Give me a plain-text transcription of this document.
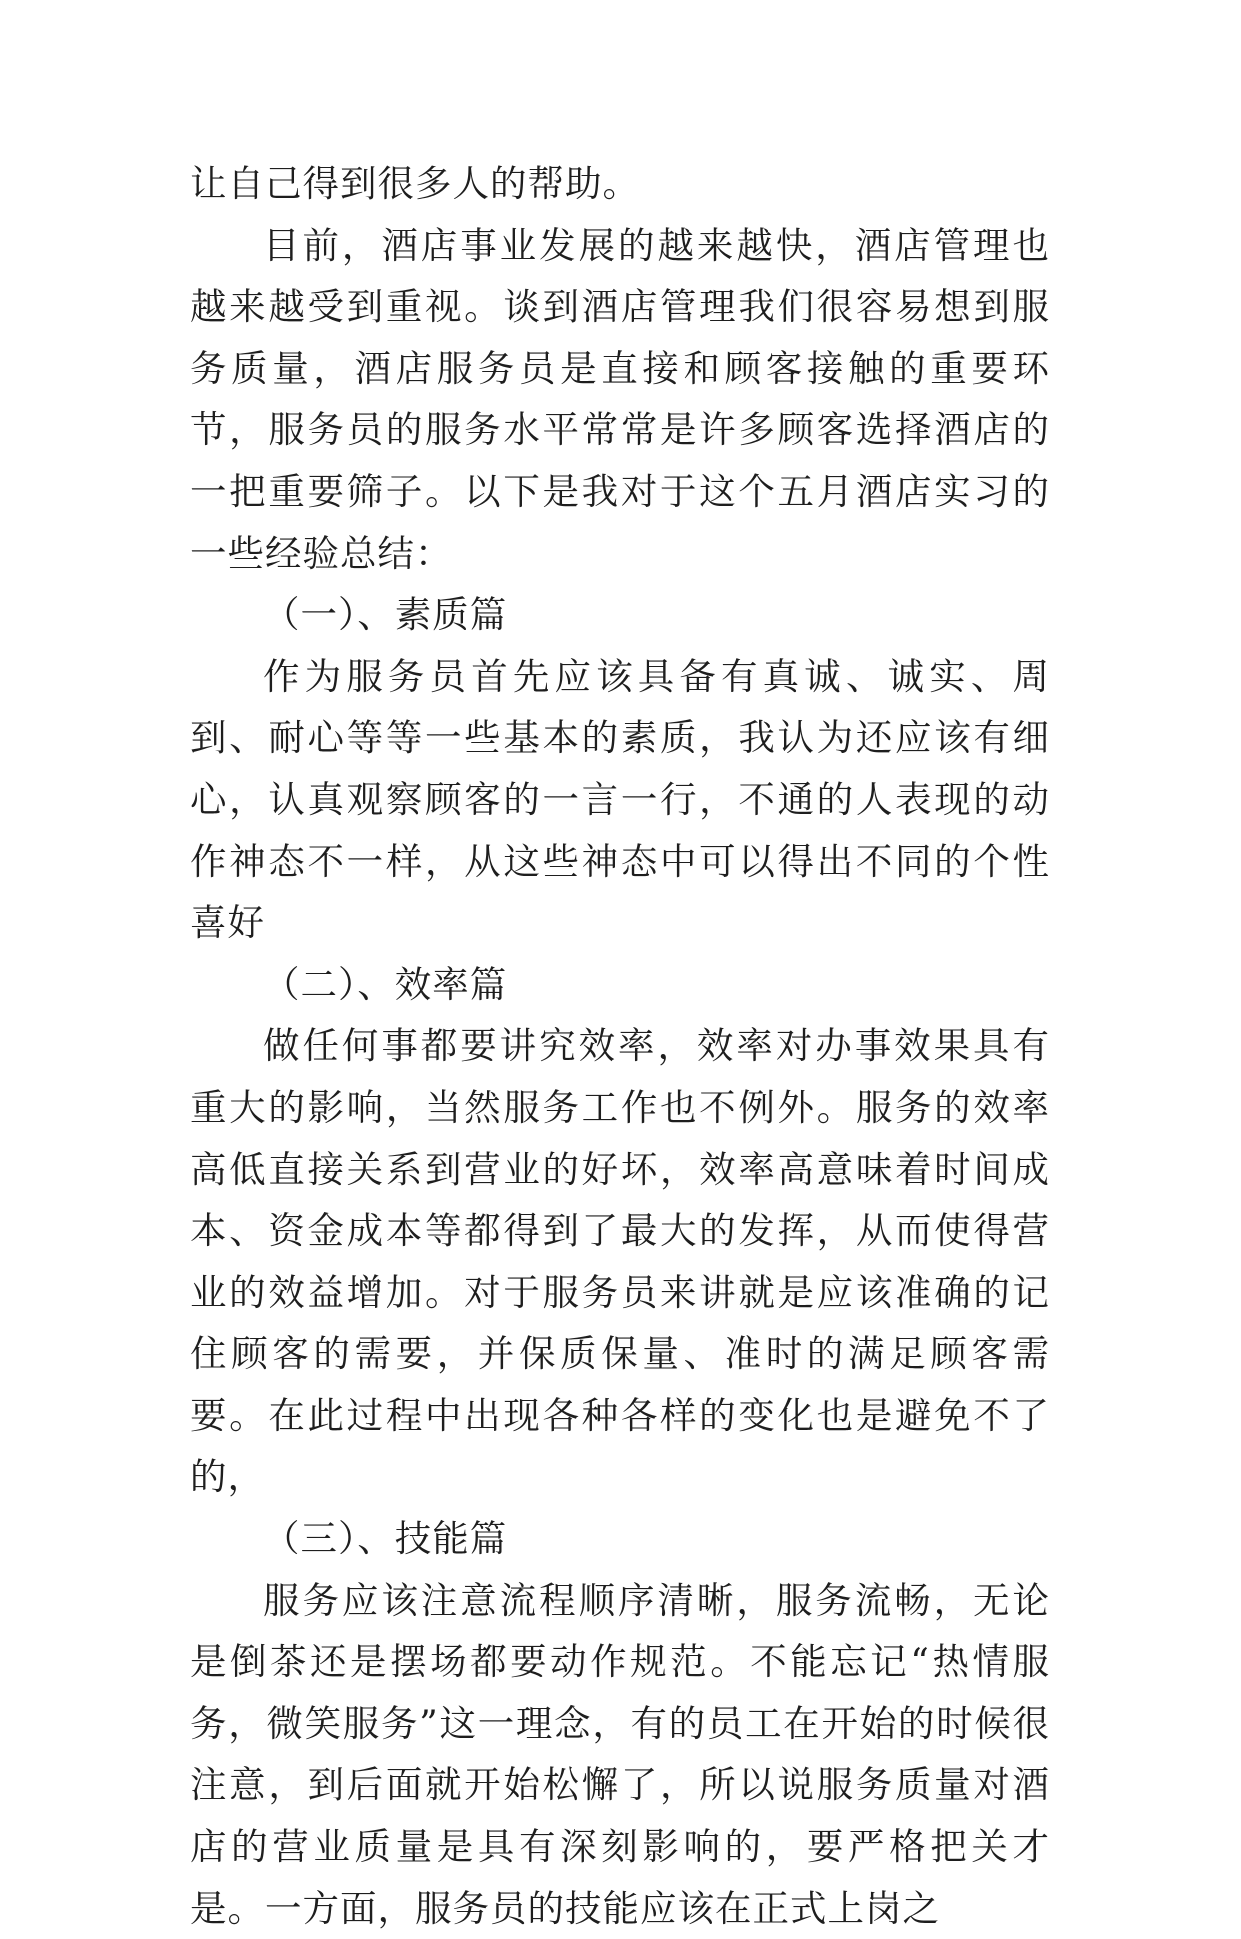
让自己得到很多人的帮助。

目前，酒店事业发展的越来越快，酒店管理也越来越受到重视。谈到酒店管理我们很容易想到服务质量，酒店服务员是直接和顾客接触的重要环节，服务员的服务水平常常是许多顾客选择酒店的一把重要筛子。以下是我对于这个五月酒店实习的一些经验总结：

（一）、素质篇

作为服务员首先应该具备有真诚、诚实、周到、耐心等等一些基本的素质，我认为还应该有细心，认真观察顾客的一言一行，不通的人表现的动作神态不一样，从这些神态中可以得出不同的个性喜好

（二）、效率篇

做任何事都要讲究效率，效率对办事效果具有重大的影响，当然服务工作也不例外。服务的效率高低直接关系到营业的好坏，效率高意味着时间成本、资金成本等都得到了最大的发挥，从而使得营业的效益增加。对于服务员来讲就是应该准确的记住顾客的需要，并保质保量、准时的满足顾客需要。在此过程中出现各种各样的变化也是避免不了的，

（三）、技能篇

服务应该注意流程顺序清晰，服务流畅，无论是倒茶还是摆场都要动作规范。不能忘记“热情服务，微笑服务”这一理念，有的员工在开始的时候很注意，到后面就开始松懈了，所以说服务质量对酒店的营业质量是具有深刻影响的，要严格把关才是。一方面，服务员的技能应该在正式上岗之
